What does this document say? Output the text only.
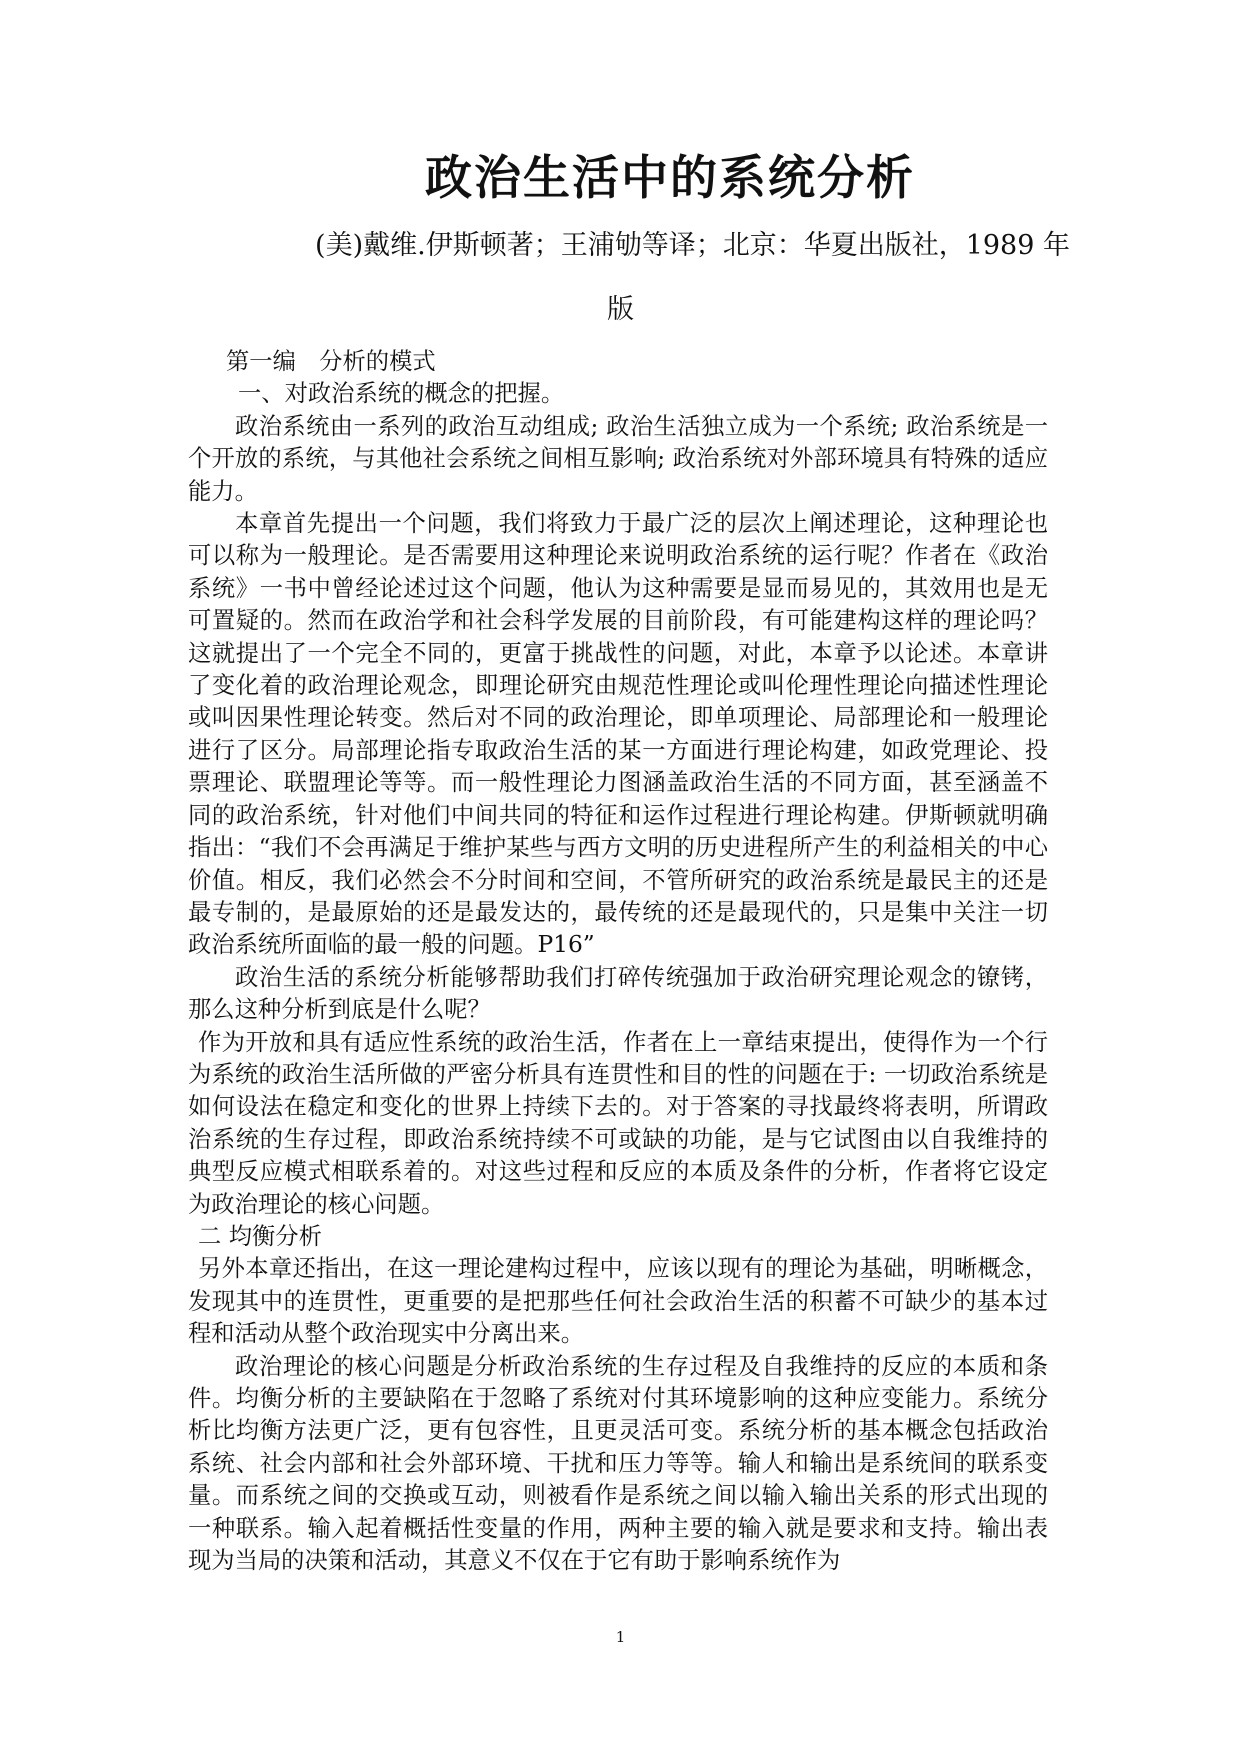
政治生活中的系统分析
(美)戴维.伊斯顿著；王浦劬等译；北京：华夏出版社，1989 年
版

第一编　分析的模式

一、对政治系统的概念的把握。

政治系统由一系列的政治互动组成; 政治生活独立成为一个系统; 政治系统是一个开放的系统，与其他社会系统之间相互影响; 政治系统对外部环境具有特殊的适应能力。

本章首先提出一个问题，我们将致力于最广泛的层次上阐述理论，这种理论也可以称为一般理论。是否需要用这种理论来说明政治系统的运行呢？作者在《政治系统》一书中曾经论述过这个问题，他认为这种需要是显而易见的，其效用也是无可置疑的。然而在政治学和社会科学发展的目前阶段，有可能建构这样的理论吗？这就提出了一个完全不同的，更富于挑战性的问题，对此，本章予以论述。本章讲了变化着的政治理论观念，即理论研究由规范性理论或叫伦理性理论向描述性理论或叫因果性理论转变。然后对不同的政治理论，即单项理论、局部理论和一般理论进行了区分。局部理论指专取政治生活的某一方面进行理论构建，如政党理论、投票理论、联盟理论等等。而一般性理论力图涵盖政治生活的不同方面，甚至涵盖不同的政治系统，针对他们中间共同的特征和运作过程进行理论构建。伊斯顿就明确指出：“我们不会再满足于维护某些与西方文明的历史进程所产生的利益相关的中心价值。相反，我们必然会不分时间和空间，不管所研究的政治系统是最民主的还是最专制的，是最原始的还是最发达的，最传统的还是最现代的，只是集中关注一切政治系统所面临的最一般的问题。P16”

政治生活的系统分析能够帮助我们打碎传统强加于政治研究理论观念的镣铐，那么这种分析到底是什么呢？

作为开放和具有适应性系统的政治生活，作者在上一章结束提出，使得作为一个行为系统的政治生活所做的严密分析具有连贯性和目的性的问题在于: 一切政治系统是如何设法在稳定和变化的世界上持续下去的。对于答案的寻找最终将表明，所谓政治系统的生存过程，即政治系统持续不可或缺的功能，是与它试图由以自我维持的典型反应模式相联系着的。对这些过程和反应的本质及条件的分析，作者将它设定为政治理论的核心问题。

二 均衡分析

另外本章还指出，在这一理论建构过程中，应该以现有的理论为基础，明晰概念，发现其中的连贯性，更重要的是把那些任何社会政治生活的积蓄不可缺少的基本过程和活动从整个政治现实中分离出来。

政治理论的核心问题是分析政治系统的生存过程及自我维持的反应的本质和条件。均衡分析的主要缺陷在于忽略了系统对付其环境影响的这种应变能力。系统分析比均衡方法更广泛，更有包容性，且更灵活可变。系统分析的基本概念包括政治系统、社会内部和社会外部环境、干扰和压力等等。输人和输出是系统间的联系变量。而系统之间的交换或互动，则被看作是系统之间以输入输出关系的形式出现的一种联系。输入起着概括性变量的作用，两种主要的输入就是要求和支持。输出表现为当局的决策和活动，其意义不仅在于它有助于影响系统作为

1
